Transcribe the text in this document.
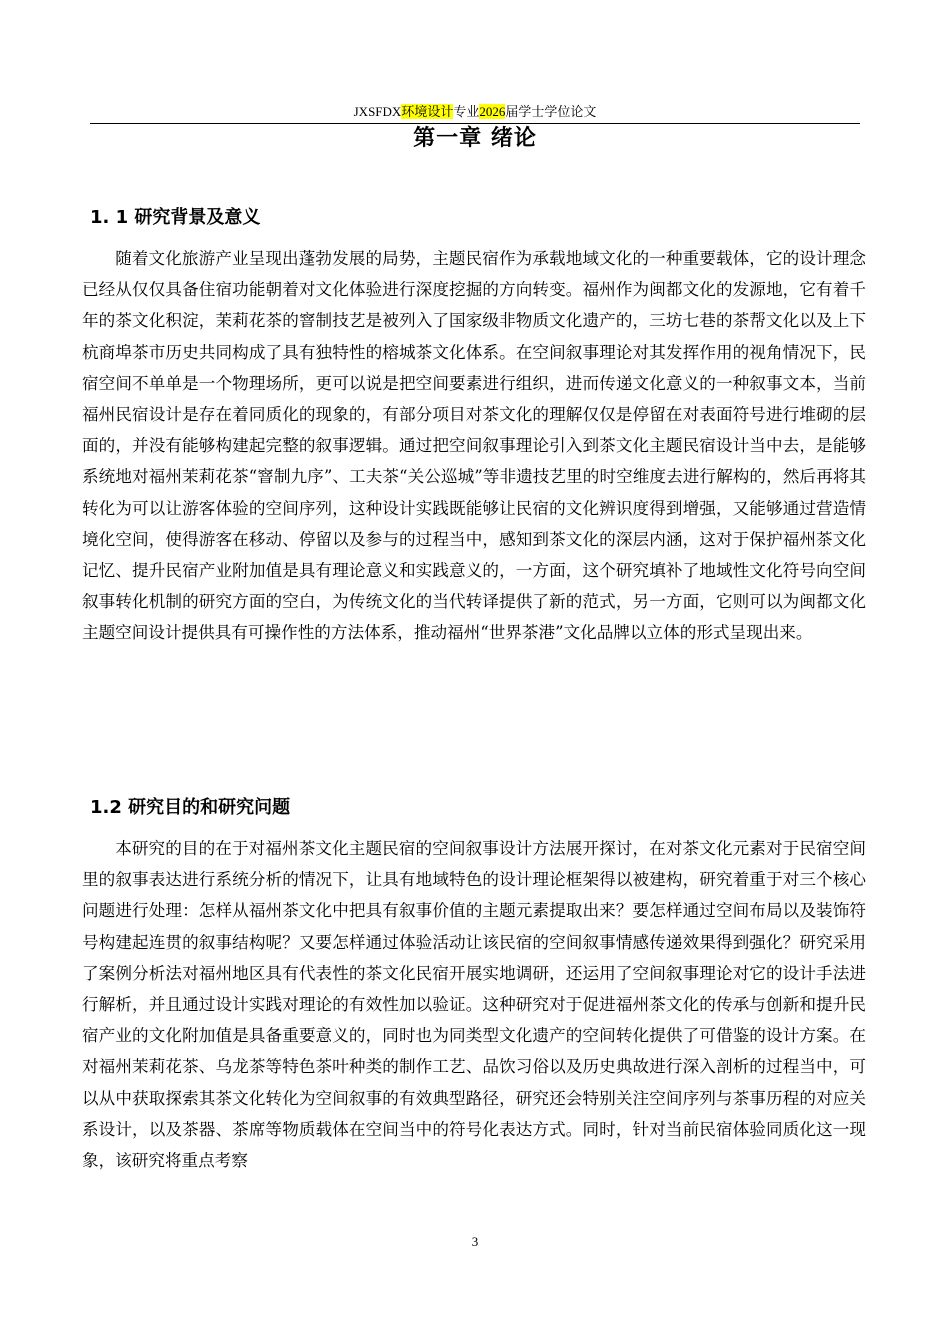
JXSFDX环境设计专业2026届学士学位论文
第一章 绪论
1. 1 研究背景及意义

随着文化旅游产业呈现出蓬勃发展的局势，主题民宿作为承载地域文化的一种重要载体，它的设计理念已经从仅仅具备住宿功能朝着对文化体验进行深度挖掘的方向转变。福州作为闽都文化的发源地，它有着千年的茶文化积淀，茉莉花茶的窨制技艺是被列入了国家级非物质文化遗产的，三坊七巷的茶帮文化以及上下杭商埠茶市历史共同构成了具有独特性的榕城茶文化体系。在空间叙事理论对其发挥作用的视角情况下，民宿空间不单单是一个物理场所，更可以说是把空间要素进行组织，进而传递文化意义的一种叙事文本，当前福州民宿设计是存在着同质化的现象的，有部分项目对茶文化的理解仅仅是停留在对表面符号进行堆砌的层面的，并没有能够构建起完整的叙事逻辑。通过把空间叙事理论引入到茶文化主题民宿设计当中去，是能够系统地对福州茉莉花茶“窨制九序”、工夫茶“关公巡城”等非遗技艺里的时空维度去进行解构的，然后再将其转化为可以让游客体验的空间序列，这种设计实践既能够让民宿的文化辨识度得到增强，又能够通过营造情境化空间，使得游客在移动、停留以及参与的过程当中，感知到茶文化的深层内涵，这对于保护福州茶文化记忆、提升民宿产业附加值是具有理论意义和实践意义的，一方面，这个研究填补了地域性文化符号向空间叙事转化机制的研究方面的空白，为传统文化的当代转译提供了新的范式，另一方面，它则可以为闽都文化主题空间设计提供具有可操作性的方法体系，推动福州“世界茶港”文化品牌以立体的形式呈现出来。

1.2 研究目的和研究问题

本研究的目的在于对福州茶文化主题民宿的空间叙事设计方法展开探讨，在对茶文化元素对于民宿空间里的叙事表达进行系统分析的情况下，让具有地域特色的设计理论框架得以被建构，研究着重于对三个核心问题进行处理：怎样从福州茶文化中把具有叙事价值的主题元素提取出来？要怎样通过空间布局以及装饰符号构建起连贯的叙事结构呢？又要怎样通过体验活动让该民宿的空间叙事情感传递效果得到强化？研究采用了案例分析法对福州地区具有代表性的茶文化民宿开展实地调研，还运用了空间叙事理论对它的设计手法进行解析，并且通过设计实践对理论的有效性加以验证。这种研究对于促进福州茶文化的传承与创新和提升民宿产业的文化附加值是具备重要意义的，同时也为同类型文化遗产的空间转化提供了可借鉴的设计方案。在对福州茉莉花茶、乌龙茶等特色茶叶种类的制作工艺、品饮习俗以及历史典故进行深入剖析的过程当中，可以从中获取探索其茶文化转化为空间叙事的有效典型路径，研究还会特别关注空间序列与茶事历程的对应关系设计，以及茶器、茶席等物质载体在空间当中的符号化表达方式。同时，针对当前民宿体验同质化这一现象，该研究将重点考察

3
